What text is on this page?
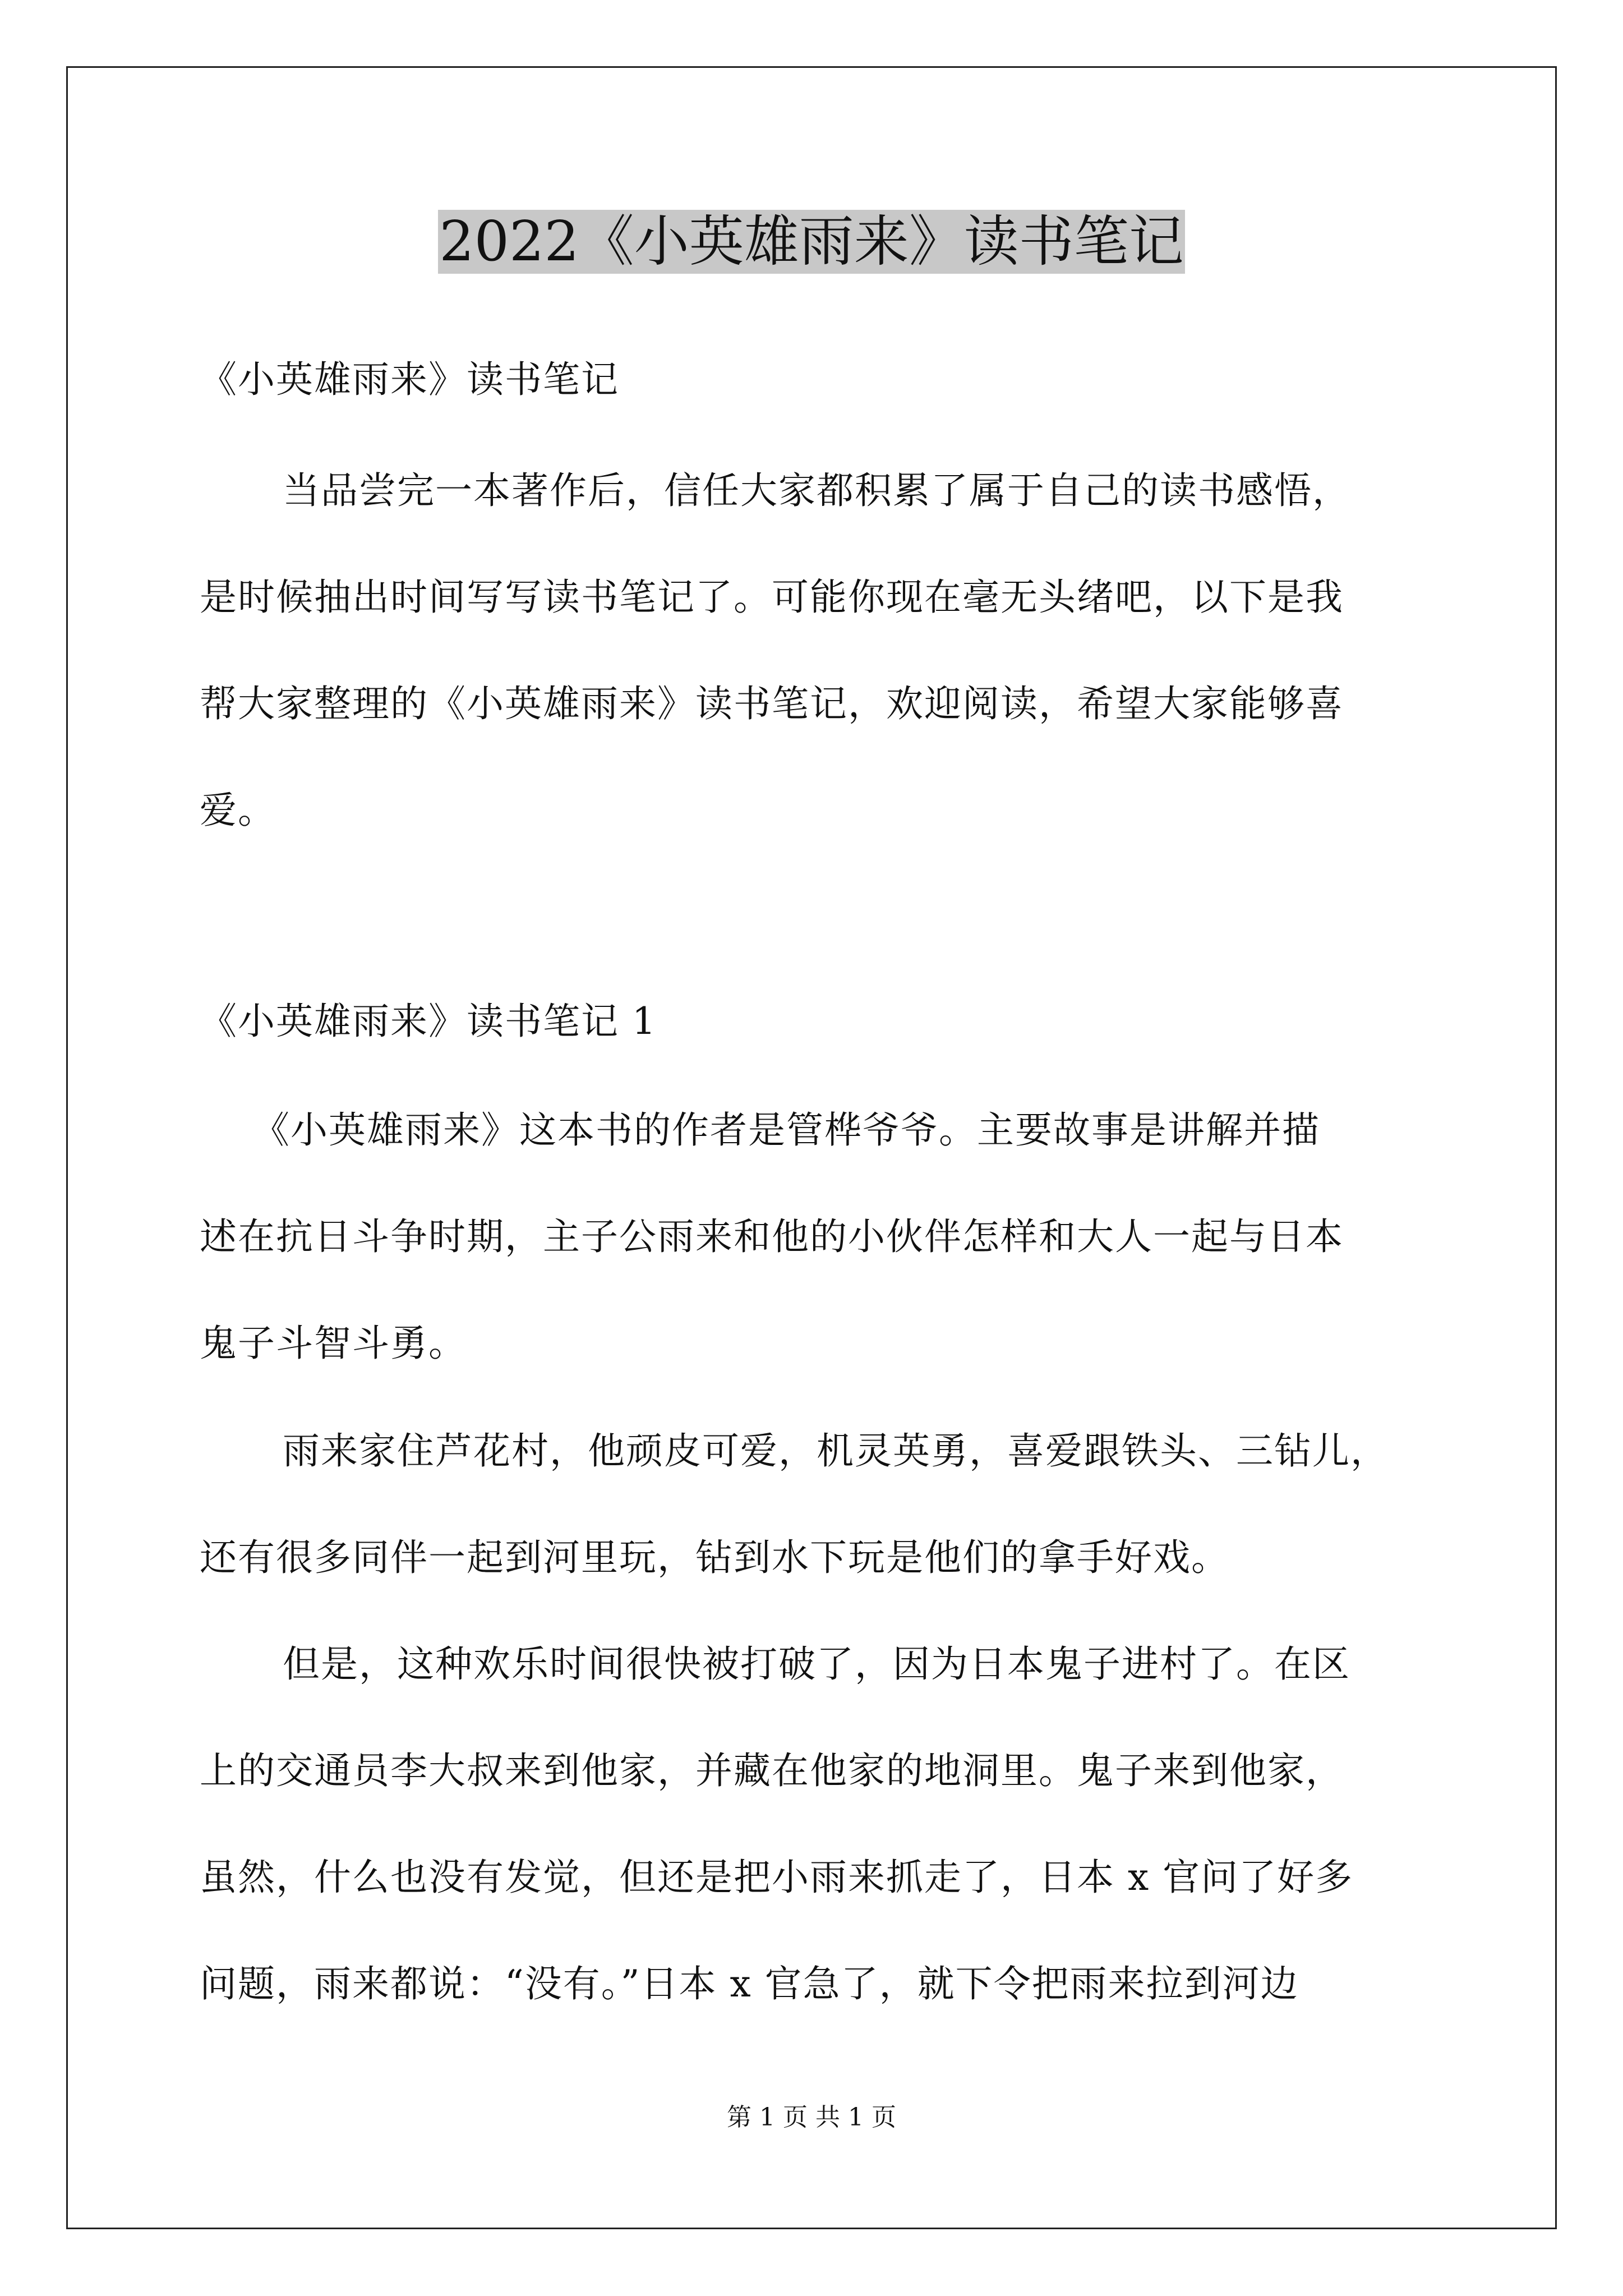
2022《小英雄雨来》读书笔记
《小英雄雨来》读书笔记
当品尝完一本著作后，信任大家都积累了属于自己的读书感悟，
是时候抽出时间写写读书笔记了。可能你现在毫无头绪吧，以下是我
帮大家整理的《小英雄雨来》读书笔记，欢迎阅读，希望大家能够喜
爱。
《小英雄雨来》读书笔记 1
《小英雄雨来》这本书的作者是管桦爷爷。主要故事是讲解并描
述在抗日斗争时期，主子公雨来和他的小伙伴怎样和大人一起与日本
鬼子斗智斗勇。
雨来家住芦花村，他顽皮可爱，机灵英勇，喜爱跟铁头、三钻儿，
还有很多同伴一起到河里玩，钻到水下玩是他们的拿手好戏。
但是，这种欢乐时间很快被打破了，因为日本鬼子进村了。在区
上的交通员李大叔来到他家，并藏在他家的地洞里。鬼子来到他家，
虽然，什么也没有发觉，但还是把小雨来抓走了，日本 x 官问了好多
问题，雨来都说：“没有。”日本 x 官急了，就下令把雨来拉到河边
第 1 页 共 1 页
